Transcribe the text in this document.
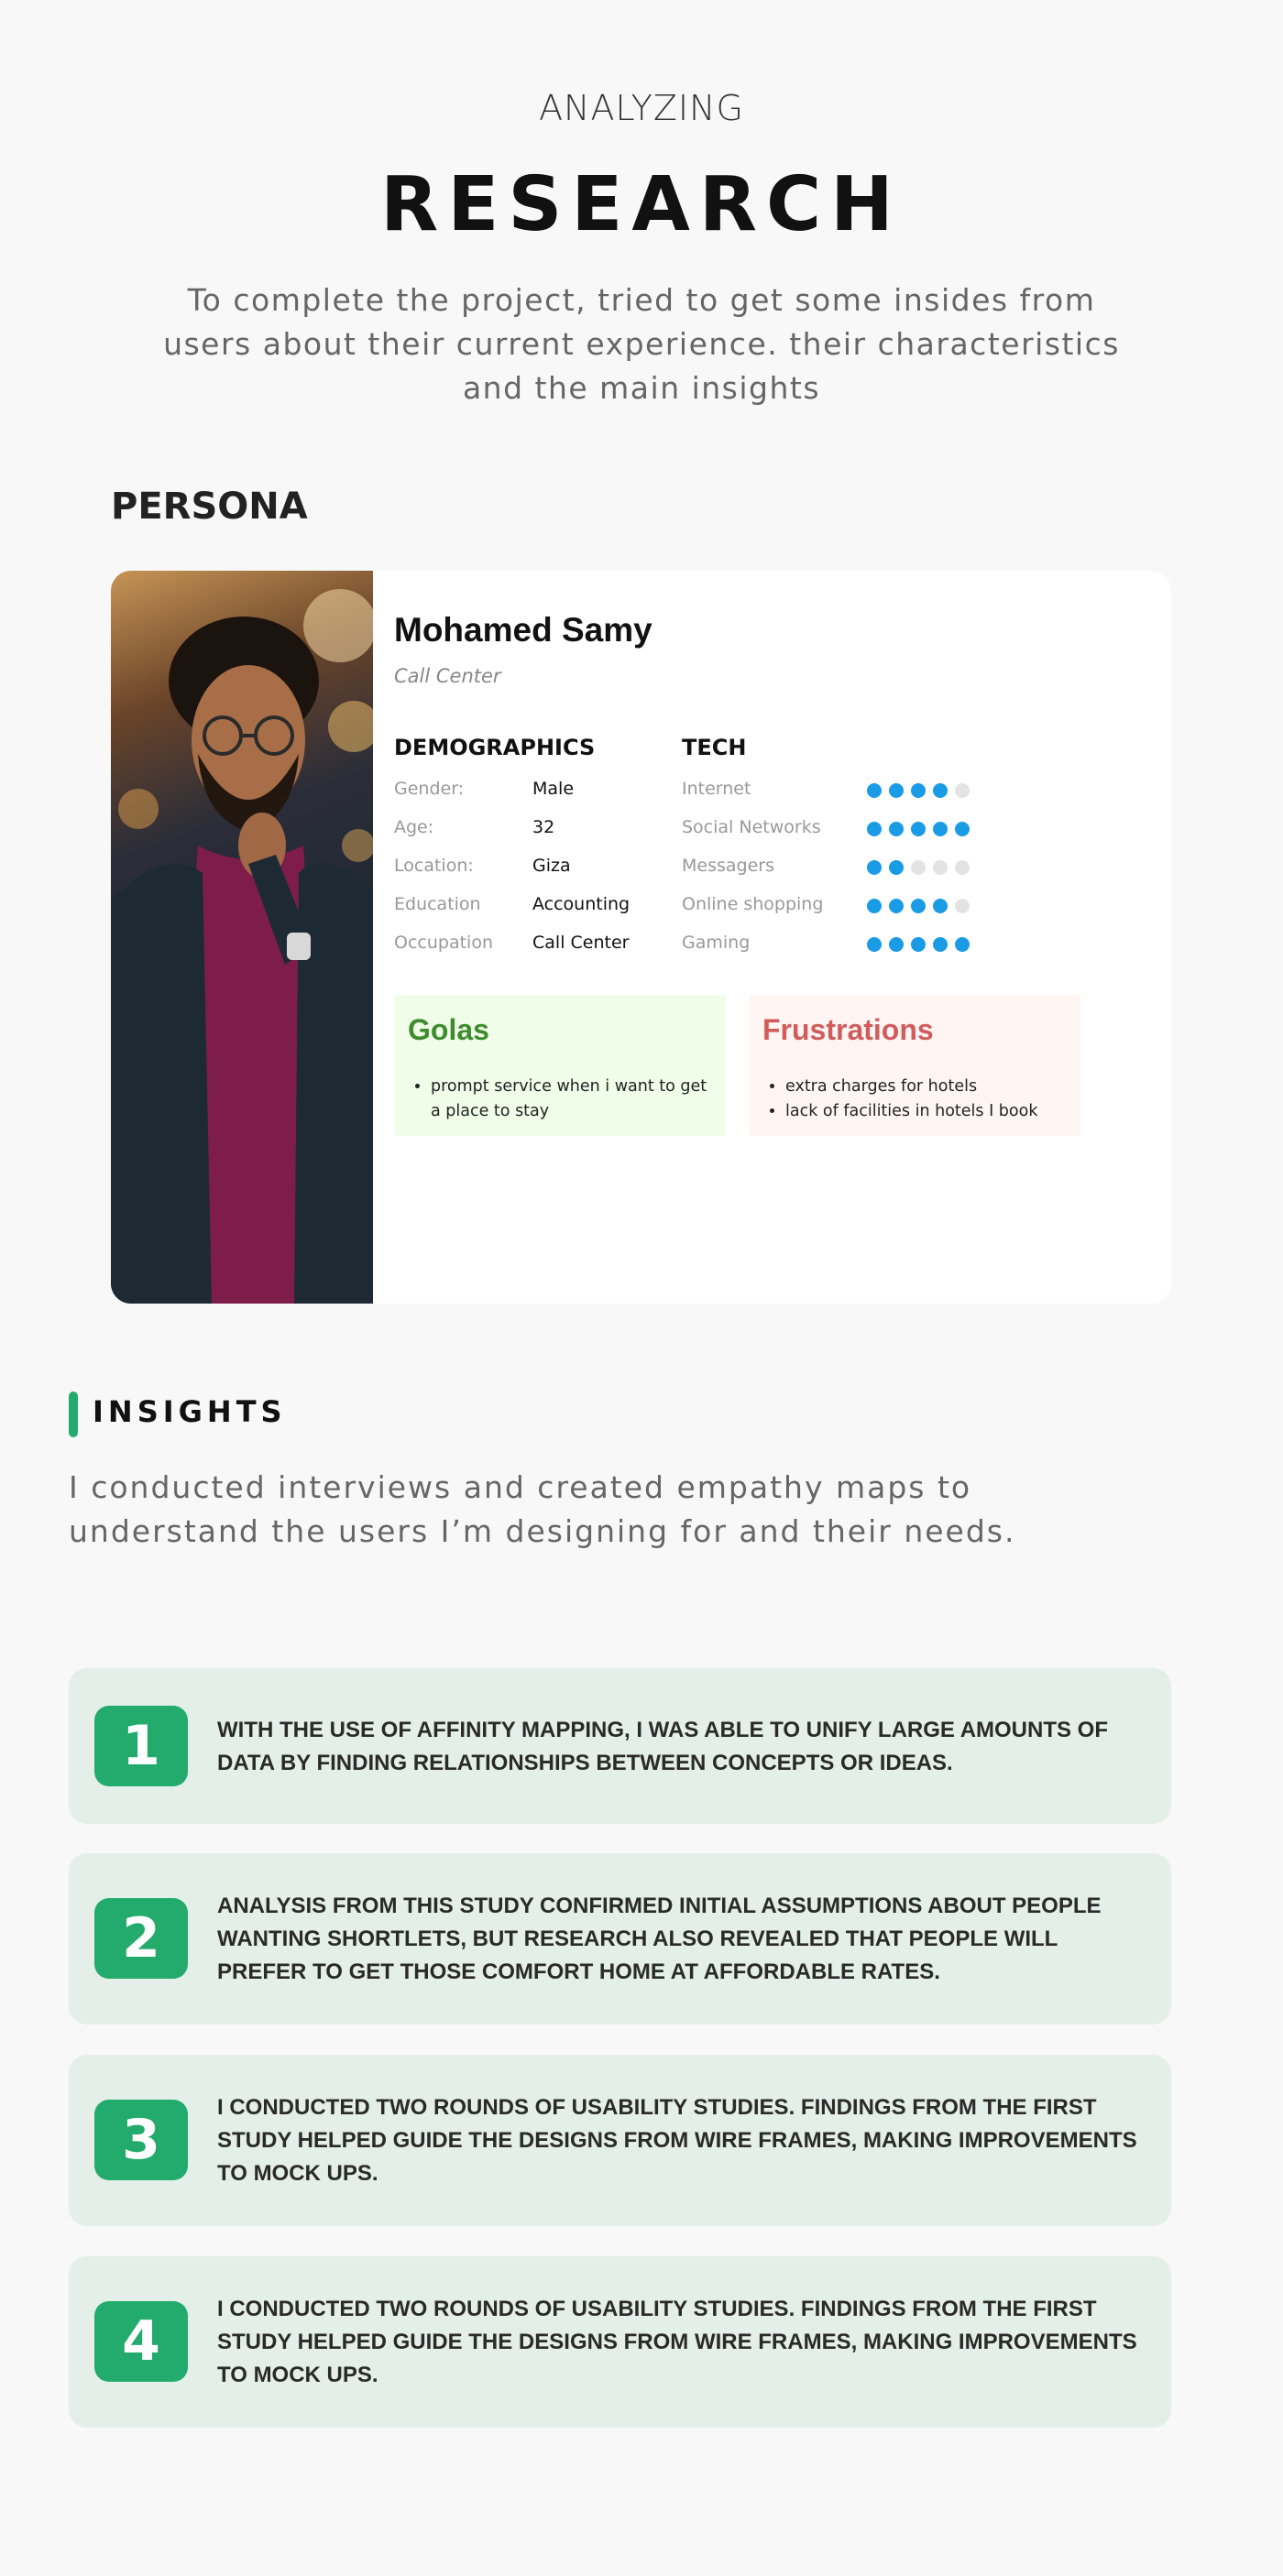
ANALYZING
RESEARCH
To complete the project, tried to get some insides from users about their current experience. their characteristics and the main insights
PERSONA
Mohamed Samy
Call Center
DEMOGRAPHICS	TECH
Gender:	Male
Age:	32
Location:	Giza
Education	Accounting
Occupation Call Center
Internet
Social Networks
Messagers
Online shopping
Gaming
Golas
• prompt service when i want to get a place to stay
Frustrations
• extra charges for hotels
• lack of facilities in hotels I book
INSIGHTS
I conducted interviews and created empathy maps to understand the users I’m designing for and their needs.
1	WITH THE USE OF AFFINITY MAPPING, I WAS ABLE TO UNIFY LARGE AMOUNTS OF DATA BY FINDING RELATIONSHIPS BETWEEN CONCEPTS OR IDEAS.
2
ANALYSIS FROM THIS STUDY CONFIRMED INITIAL ASSUMPTIONS ABOUT PEOPLE WANTING SHORTLETS, BUT RESEARCH ALSO REVEALED THAT PEOPLE WILL PREFER TO GET THOSE COMFORT HOME AT AFFORDABLE RATES.
3
I CONDUCTED TWO ROUNDS OF USABILITY STUDIES. FINDINGS FROM THE FIRST STUDY HELPED GUIDE THE DESIGNS FROM WIRE FRAMES, MAKING IMPROVEMENTS TO MOCK UPS.
4
I CONDUCTED TWO ROUNDS OF USABILITY STUDIES. FINDINGS FROM THE FIRST STUDY HELPED GUIDE THE DESIGNS FROM WIRE FRAMES, MAKING IMPROVEMENTS TO MOCK UPS.
